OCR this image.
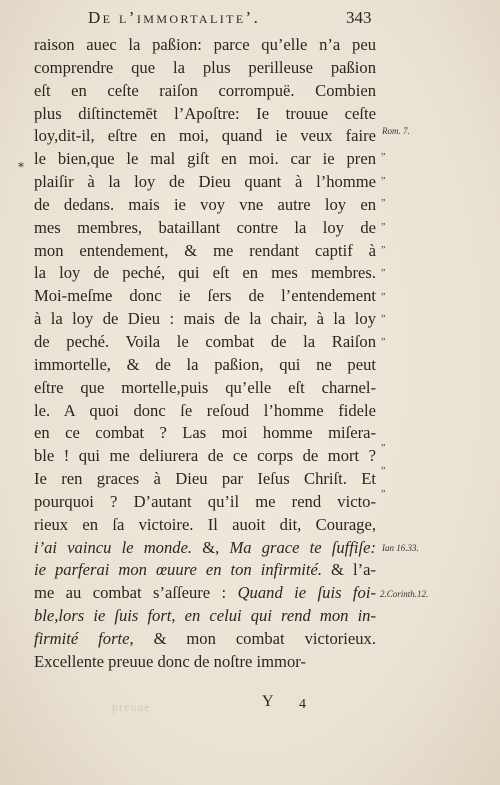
De l’immortalite’.	343
*
raison auec la paßion: parce qu’elle n’a peu
comprendre que la plus perilleuse paßion
eſt en ceſte raiſon corrompuë. Combien
plus diſtinctemēt l’Apoſtre: Ie trouue ceſte
loy,dit-il, eſtre en moi, quand ie veux faire
le bien,que le mal giſt en moi. car ie pren
plaiſir à la loy de Dieu quant à l’homme
de dedans. mais ie voy vne autre loy en
mes membres, bataillant contre la loy de
mon entendement, & me rendant captif à
la loy de peché, qui eſt en mes membres.
Moi-meſme donc ie ſers de l’entendement
à la loy de Dieu : mais de la chair, à la loy
de peché. Voila le combat de la Raiſon
immortelle, & de la paßion, qui ne peut
eſtre que mortelle,puis qu’elle eſt charnel-
le. A quoi donc ſe reſoud l’homme fidele
en ce combat ? Las moi homme miſera-
ble ! qui me deliurera de ce corps de mort ?
Ie ren graces à Dieu par Ieſus Chriſt. Et
pourquoi ? D’autant qu’il me rend victo-
rieux en ſa victoire. Il auoit dit, Courage,
i’ai vaincu le monde. &, Ma grace te ſuffiſe:
ie parferai mon œuure en ton infirmité. & l’a-
me au combat s’aſſeure : Quand ie ſuis foi-
ble,lors ie ſuis fort, en celui qui rend mon in-
firmité forte, & mon combat victorieux.
Excellente preuue donc de noſtre immor-
Rom. 7.
Ian 16.33.
2.Corinth.12.
„
„
„
„
„
„
„
„
„
„
„
„
preuue	Y 4
